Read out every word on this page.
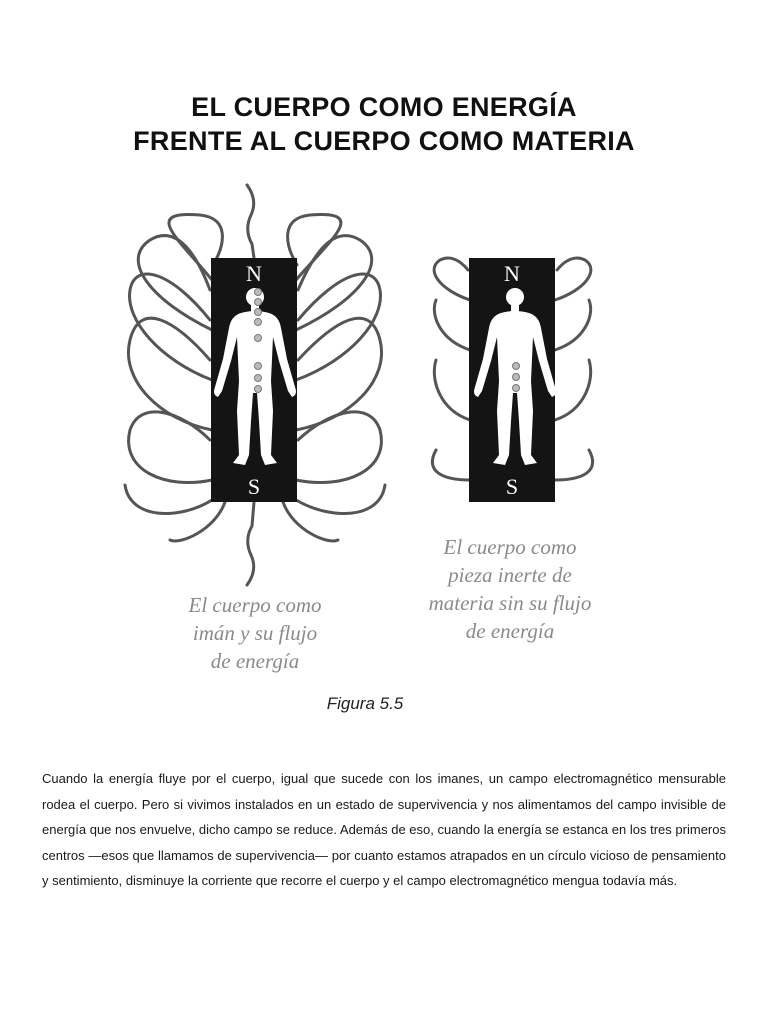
EL CUERPO COMO ENERGÍA
FRENTE AL CUERPO COMO MATERIA
N
S
N
S

El cuerpo como
imán y su flujo
de energía

El cuerpo como
pieza inerte de
materia sin su flujo
de energía

Figura 5.5

Cuando la energía fluye por el cuerpo, igual que sucede con los imanes, un campo electromagnético mensurable rodea el cuerpo. Pero si vivimos instalados en un estado de supervivencia y nos alimentamos del campo invisible de energía que nos envuelve, dicho campo se reduce. Además de eso, cuando la energía se estanca en los tres primeros centros —esos que llamamos de supervivencia— por cuanto estamos atrapados en un círculo vicioso de pensamiento y sentimiento, disminuye la corriente que recorre el cuerpo y el campo electromagnético mengua todavía más.
